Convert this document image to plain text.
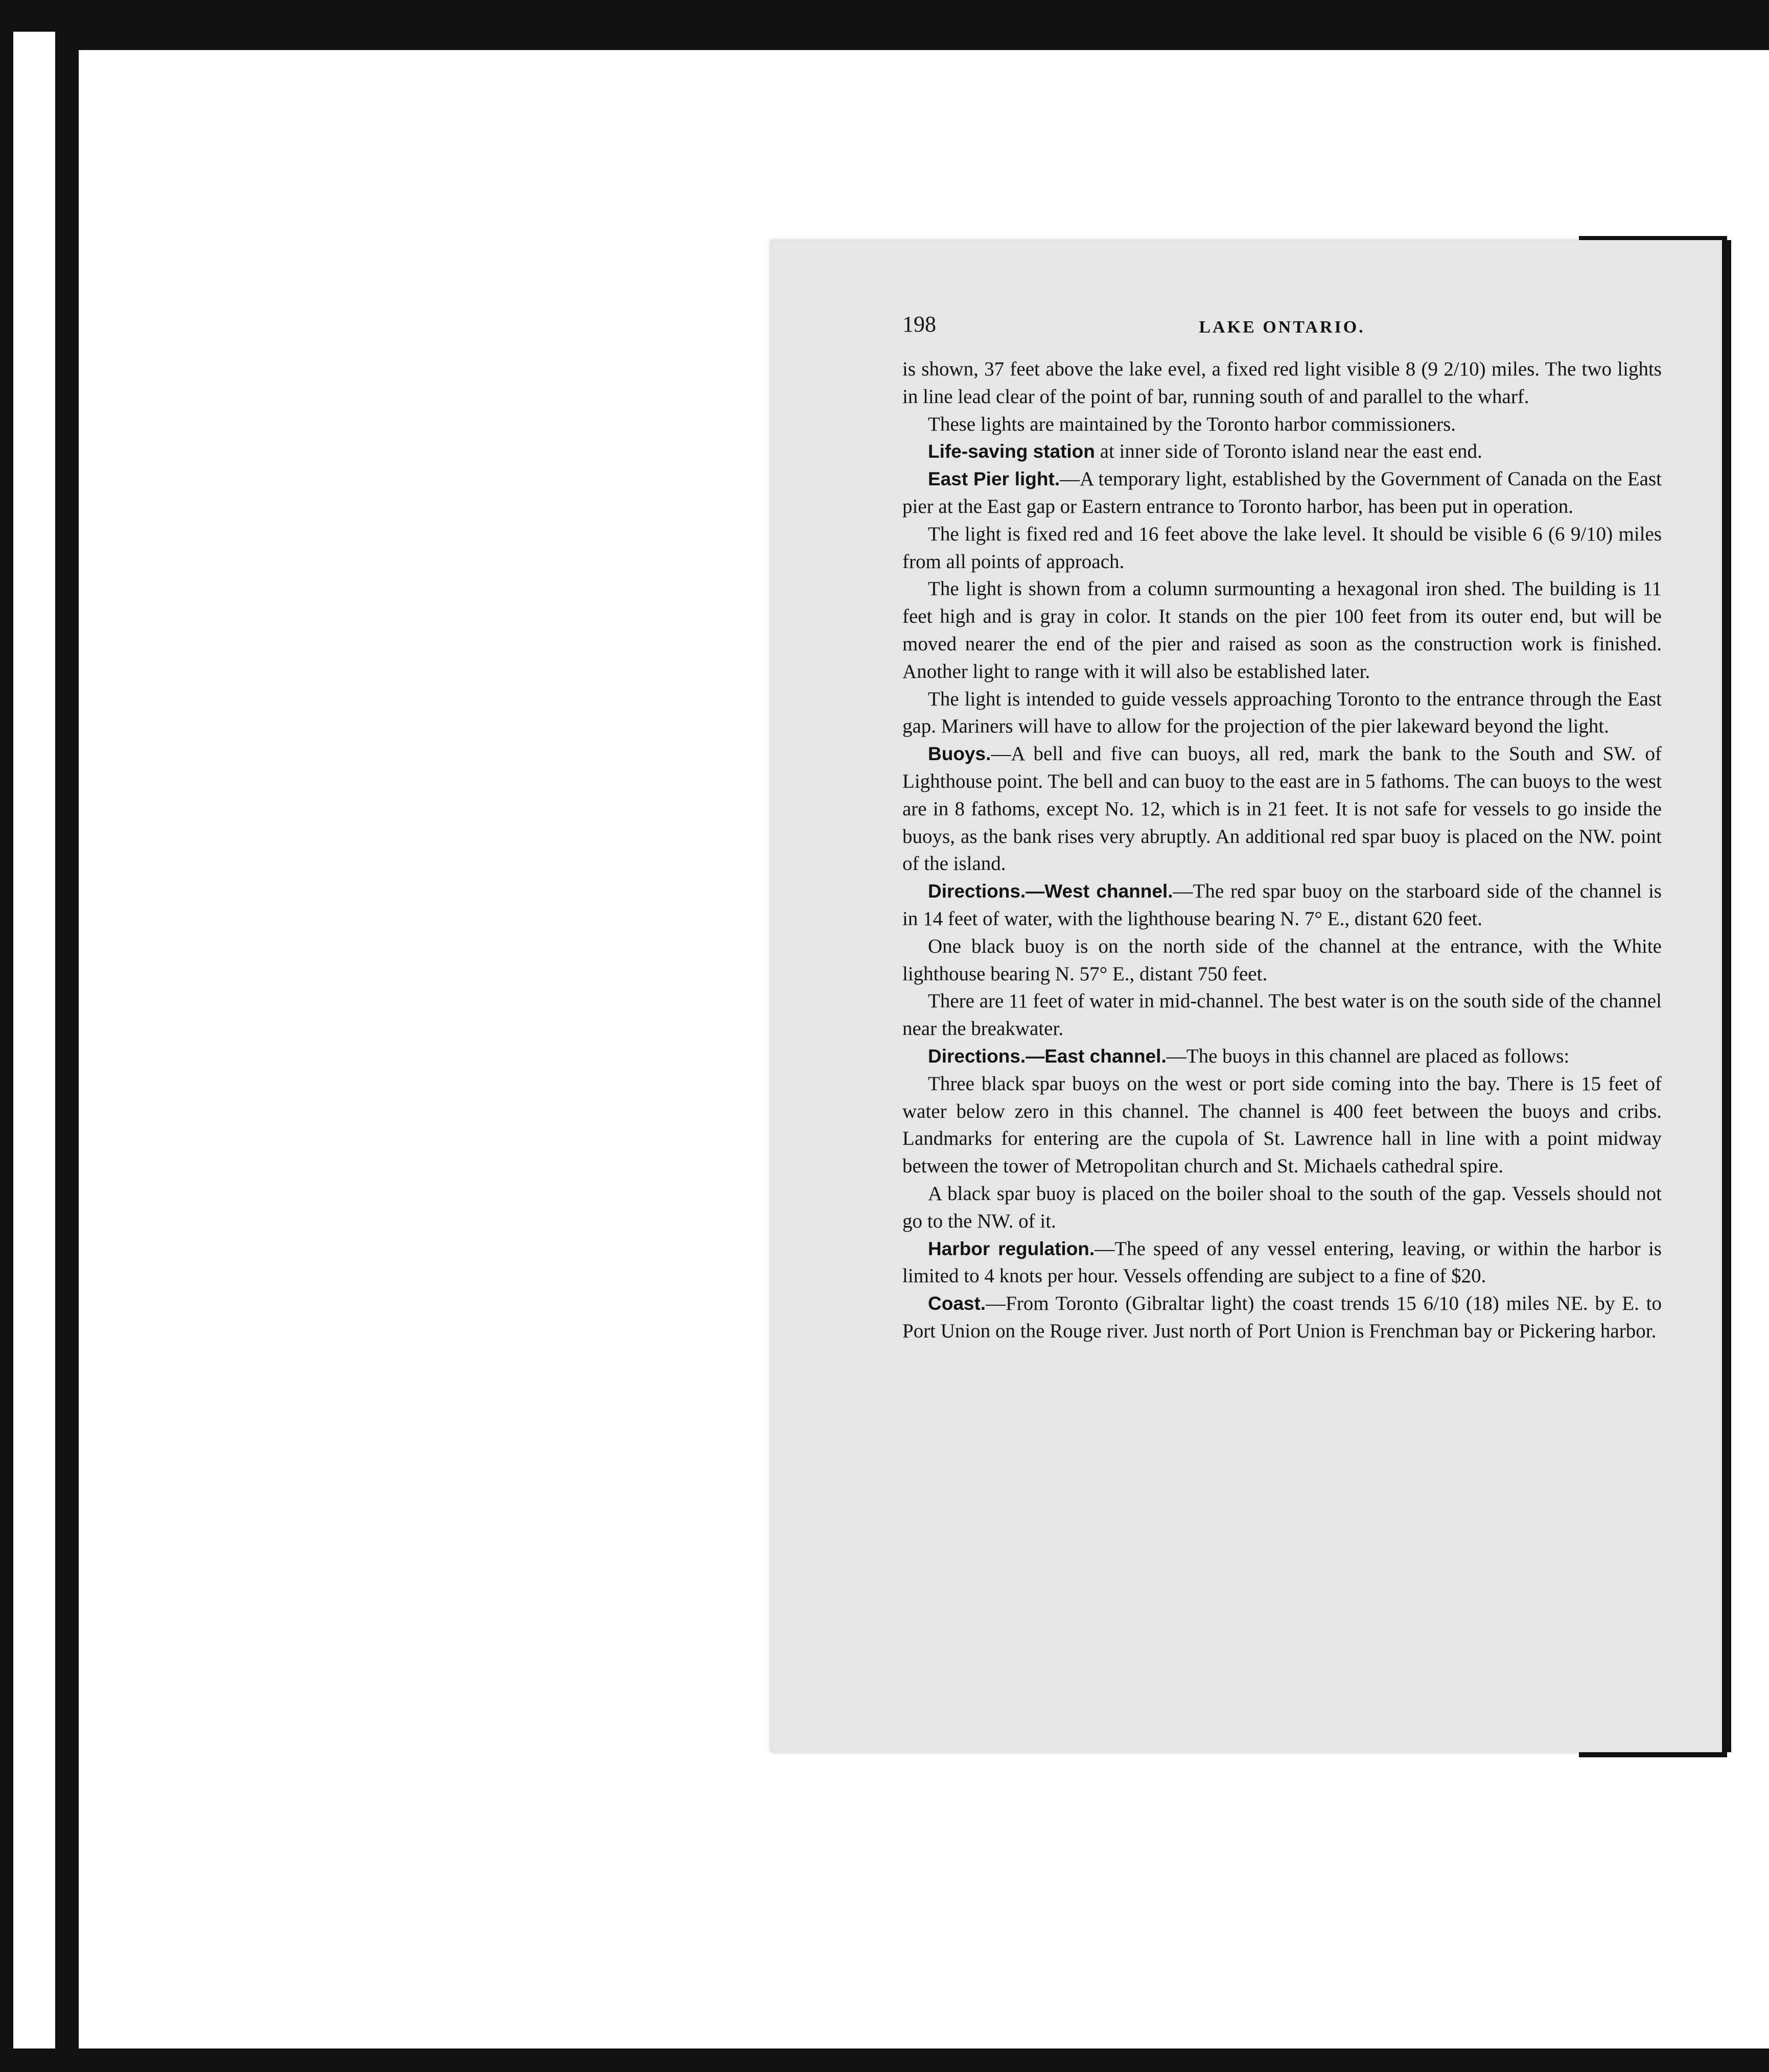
198	LAKE ONTARIO.

is shown, 37 feet above the lake evel, a fixed red light visible 8 (9 2/10) miles. The two lights in line lead clear of the point of bar, running south of and parallel to the wharf.

These lights are maintained by the Toronto harbor commissioners.

Life-saving station at inner side of Toronto island near the east end.

East Pier light.—A temporary light, established by the Government of Canada on the East pier at the East gap or Eastern entrance to Toronto harbor, has been put in operation.

The light is fixed red and 16 feet above the lake level. It should be visible 6 (6 9/10) miles from all points of approach.

The light is shown from a column surmounting a hexagonal iron shed. The building is 11 feet high and is gray in color. It stands on the pier 100 feet from its outer end, but will be moved nearer the end of the pier and raised as soon as the construction work is finished. Another light to range with it will also be established later.

The light is intended to guide vessels approaching Toronto to the entrance through the East gap. Mariners will have to allow for the projection of the pier lakeward beyond the light.

Buoys.—A bell and five can buoys, all red, mark the bank to the South and SW. of Lighthouse point. The bell and can buoy to the east are in 5 fathoms. The can buoys to the west are in 8 fathoms, except No. 12, which is in 21 feet. It is not safe for vessels to go inside the buoys, as the bank rises very abruptly. An additional red spar buoy is placed on the NW. point of the island.

Directions.—West channel.—The red spar buoy on the starboard side of the channel is in 14 feet of water, with the lighthouse bearing N. 7° E., distant 620 feet.

One black buoy is on the north side of the channel at the entrance, with the White lighthouse bearing N. 57° E., distant 750 feet.

There are 11 feet of water in mid-channel. The best water is on the south side of the channel near the breakwater.

Directions.—East channel.—The buoys in this channel are placed as follows:

Three black spar buoys on the west or port side coming into the bay. There is 15 feet of water below zero in this channel. The channel is 400 feet between the buoys and cribs. Landmarks for entering are the cupola of St. Lawrence hall in line with a point midway between the tower of Metropolitan church and St. Michaels cathedral spire.

A black spar buoy is placed on the boiler shoal to the south of the gap. Vessels should not go to the NW. of it.

Harbor regulation.—The speed of any vessel entering, leaving, or within the harbor is limited to 4 knots per hour. Vessels offending are subject to a fine of $20.

Coast.—From Toronto (Gibraltar light) the coast trends 15 6/10 (18) miles NE. by E. to Port Union on the Rouge river. Just north of Port Union is Frenchman bay or Pickering harbor.
